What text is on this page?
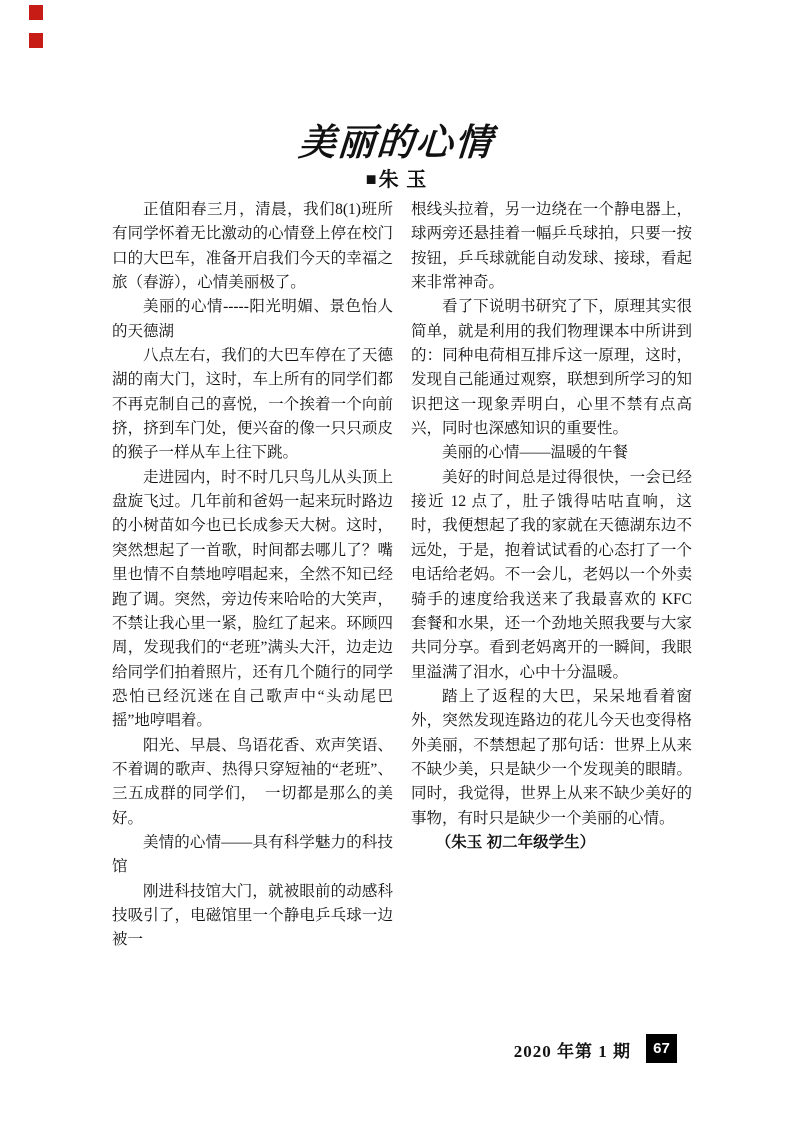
美丽的心情
■朱 玉

正值阳春三月，清晨，我们8(1)班所有同学怀着无比激动的心情登上停在校门口的大巴车，准备开启我们今天的幸福之旅（春游），心情美丽极了。

美丽的心情-----阳光明媚、景色怡人的天德湖

八点左右，我们的大巴车停在了天德湖的南大门，这时，车上所有的同学们都不再克制自己的喜悦，一个挨着一个向前挤，挤到车门处，便兴奋的像一只只顽皮的猴子一样从车上往下跳。

走进园内，时不时几只鸟儿从头顶上盘旋飞过。几年前和爸妈一起来玩时路边的小树苗如今也已长成参天大树。这时，突然想起了一首歌，时间都去哪儿了？嘴里也情不自禁地哼唱起来，全然不知已经跑了调。突然，旁边传来哈哈的大笑声，不禁让我心里一紧，脸红了起来。环顾四周，发现我们的“老班”满头大汗，边走边给同学们拍着照片，还有几个随行的同学恐怕已经沉迷在自己歌声中“头动尾巴摇”地哼唱着。

阳光、早晨、鸟语花香、欢声笑语、不着调的歌声、热得只穿短袖的“老班”、三五成群的同学们，　一切都是那么的美好。

美情的心情——具有科学魅力的科技馆

刚进科技馆大门，就被眼前的动感科技吸引了，电磁馆里一个静电乒乓球一边被一

根线头拉着，另一边绕在一个静电器上，球两旁还悬挂着一幅乒乓球拍，只要一按按钮，乒乓球就能自动发球、接球，看起来非常神奇。

看了下说明书研究了下，原理其实很简单，就是利用的我们物理课本中所讲到的：同种电荷相互排斥这一原理，这时，发现自己能通过观察，联想到所学习的知识把这一现象弄明白，心里不禁有点高兴，同时也深感知识的重要性。

美丽的心情——温暖的午餐

美好的时间总是过得很快，一会已经接近 12 点了，肚子饿得咕咕直响，这时，我便想起了我的家就在天德湖东边不远处，于是，抱着试试看的心态打了一个电话给老妈。不一会儿，老妈以一个外卖骑手的速度给我送来了我最喜欢的 KFC 套餐和水果，还一个劲地关照我要与大家共同分享。看到老妈离开的一瞬间，我眼里溢满了泪水，心中十分温暖。

踏上了返程的大巴，呆呆地看着窗外，突然发现连路边的花儿今天也变得格外美丽，不禁想起了那句话：世界上从来不缺少美，只是缺少一个发现美的眼睛。同时，我觉得，世界上从来不缺少美好的事物，有时只是缺少一个美丽的心情。

（朱玉 初二年级学生）

2020 年第 1 期	67
